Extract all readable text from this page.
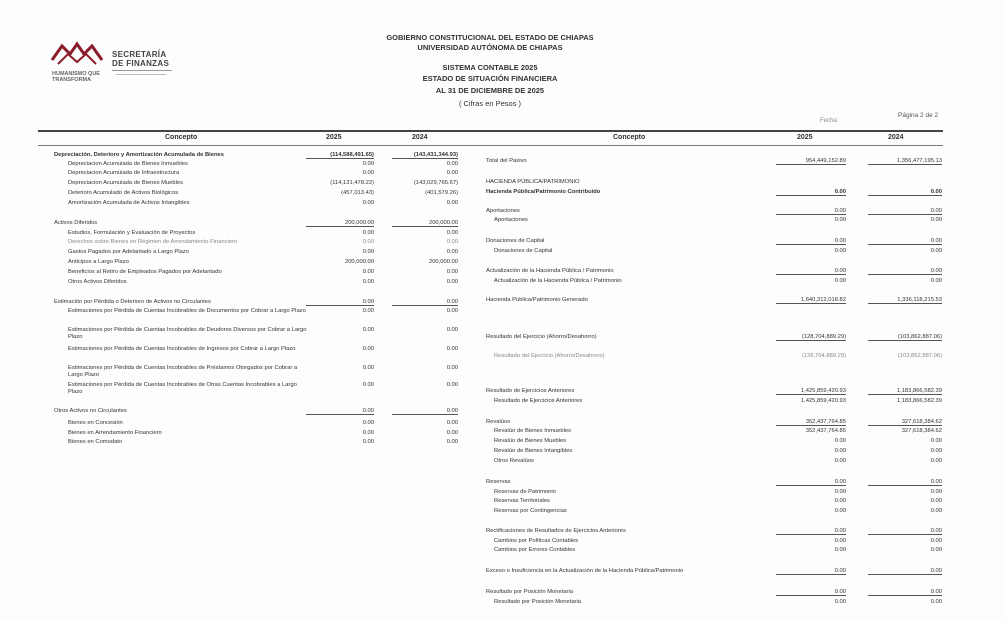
SECRETARÍA
DE FINANZAS
HUMANISMO QUE TRANSFORMA
GOBIERNO CONSTITUCIONAL DEL ESTADO DE CHIAPAS
UNIVERSIDAD AUTÓNOMA DE CHIAPAS
SISTEMA CONTABLE 2025
ESTADO DE SITUACIÓN FINANCIERA
AL 31 DE DICIEMBRE DE 2025
( Cifras en Pesos )
Página 2 de 2
Fecha:
Concepto	2025	2024	Concepto	2025	2024
Depreciación, Deterioro y Amortización Acumulada de Bienes	(114,588,491.65)	(143,431,344.93)
Depreciacion Acumulada de Bienes Inmuebles	0.00	0.00
Depreciacion Acumulada de Infraestructura	0.00	0.00
Depreciacion Acumulada de Bienes Muebles	(114,131,478.22)	(143,029,765.67)
Deterioro Acumulado de Activos Biológicos	(457,013.43)	(401,579.26)
Amortización Acumulada de Activos Intangibles	0.00	0.00
Activos Diferidos	200,000.00	200,000.00
Estudios, Formulación y Evaluación de Proyectos	0.00	0.00
Derechos sobre Bienes en Régimen de Arrendamiento Financiero	0.00	0.00
Gastos Pagados por Adelantado a Largo Plazo	0.00	0.00
Anticipos a Largo Plazo	200,000.00	200,000.00
Beneficios al Retiro de Empleados Pagados por Adelantado	0.00	0.00
Otros Activos Diferidos	0.00	0.00
Estimación por Pérdida o Deterioro de Activos no Circulantes	0.00	0.00
Estimaciones por Pérdida de Cuentas Incobrables de Documentos por Cobrar a Largo Plazo	0.00	0.00
Estimaciones por Pérdida de Cuentas Incobrables de Deudores Diversos por Cobrar a Largo Plazo
0.00	0.00
Estimaciones por Pérdida de Cuentas Incobrables de Ingresos por Cobrar a Largo Plazo	0.00	0.00
Estimaciones por Pérdida de Cuentas Incobrables de Préstamos Otorgados por Cobrar a Largo Plazo
0.00	0.00
Estimaciones por Pérdida de Cuentas Incobrables de Otras Cuentas Incobrables a Largo Plazo
0.00	0.00
Otros Activos no Circulantes	0.00	0.00
Bienes en Concesión	0.00	0.00
Bienes en Arrendamiento Financiero	0.00	0.00
Bienes en Comodato	0.00	0.00
Total del Pasivo	954,449,152.89	1,356,477,195.13
HACIENDA PÚBLICA/PATRIMONIO
Hacienda Pública/Patrimonio Contribuido	0.00	0.00
Aportaciones	0.00	0.00
Aportaciones	0.00	0.00
Donaciones de Capital	0.00	0.00
Donaciones de Capital	0.00	0.00
Actualización de la Hacienda Pública / Patrimonio	0.00	0.00
Actualización de la Hacienda Pública / Patrimonio	0.00	0.00
Hacienda Pública/Patrimonio Generado	1,640,312,018.82	1,336,118,215.53
Resultado del Ejercicio (Ahorro/Desahorro)	(128,704,889.29)	(103,862,887.06)
Resultado del Ejercicio (Ahorro/Desahorro)	(128,704,889.29)	(103,862,887.06)
Resultado de Ejercicios Anteriores	1,425,859,420.93	1,183,866,582.39
Resultado de Ejercicios Anteriores	1,425,859,420.93	1,183,866,582.39
Revalúos	352,437,764.85	327,618,384.62
Revalúo de Bienes Inmuebles	352,437,764.85	327,618,384.62
Revalúo de Bienes Muebles	0.00	0.00
Revalúo de Bienes Intangibles	0.00	0.00
Otros Revalúos	0.00	0.00
Reservas	0.00	0.00
Reservas de Patrimonio	0.00	0.00
Reservas Territoriales	0.00	0.00
Reservas por Contingencias	0.00	0.00
Rectificaciones de Resultados de Ejercicios Anteriores	0.00	0.00
Cambios por Políticas Contables	0.00	0.00
Cambios por Errores Contables	0.00	0.00
Exceso o Insuficiencia en la Actualización de la Hacienda Pública/Patrimonio	0.00	0.00
Resultado por Posición Monetaria	0.00	0.00
Resultado por Posición Monetaria	0.00	0.00
